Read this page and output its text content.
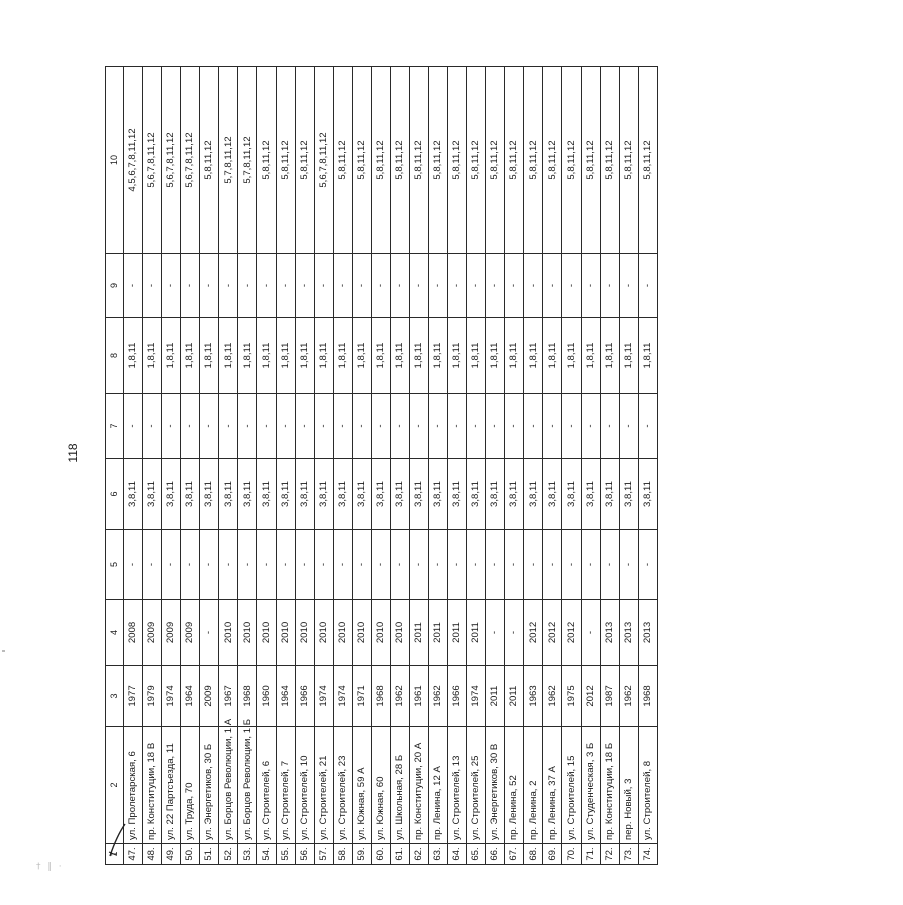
118
† ‖ ·
1	2	3	4	5	6	7	8	9	10
47.	ул. Пролетарская, 6	1977	2008	-	3,8,11	-	1,8,11	-	4,5,6,7,8,11,12
48.	пр. Конституции, 18 В	1979	2009	-	3,8,11	-	1,8,11	-	5,6,7,8,11,12
49.	ул. 22 Партсъезда, 11	1974	2009	-	3,8,11	-	1,8,11	-	5,6,7,8,11,12
50.	ул. Труда, 70	1964	2009	-	3,8,11	-	1,8,11	-	5,6,7,8,11,12
51.	ул. Энергетиков, 30 Б	2009	-	-	3,8,11	-	1,8,11	-	5,8,11,12
52.	ул. Борцов Революции, 1 А	1967	2010	-	3,8,11	-	1,8,11	-	5,7,8,11,12
53.	ул. Борцов Революции, 1 Б	1968	2010	-	3,8,11	-	1,8,11	-	5,7,8,11,12
54.	ул. Строителей, 6	1960	2010	-	3,8,11	-	1,8,11	-	5,8,11,12
55.	ул. Строителей, 7	1964	2010	-	3,8,11	-	1,8,11	-	5,8,11,12
56.	ул. Строителей, 10	1966	2010	-	3,8,11	-	1,8,11	-	5,8,11,12
57.	ул. Строителей, 21	1974	2010	-	3,8,11	-	1,8,11	-	5,6,7,8,11,12
58.	ул. Строителей, 23	1974	2010	-	3,8,11	-	1,8,11	-	5,8,11,12
59.	ул. Южная, 59 А	1971	2010	-	3,8,11	-	1,8,11	-	5,8,11,12
60.	ул. Южная, 60	1968	2010	-	3,8,11	-	1,8,11	-	5,8,11,12
61.	ул. Школьная, 28 Б	1962	2010	-	3,8,11	-	1,8,11	-	5,8,11,12
62.	пр. Конституции, 20 А	1961	2011	-	3,8,11	-	1,8,11	-	5,8,11,12
63.	пр. Ленина, 12 А	1962	2011	-	3,8,11	-	1,8,11	-	5,8,11,12
64.	ул. Строителей, 13	1966	2011	-	3,8,11	-	1,8,11	-	5,8,11,12
65.	ул. Строителей, 25	1974	2011	-	3,8,11	-	1,8,11	-	5,8,11,12
66.	ул. Энергетиков, 30 В	2011	-	-	3,8,11	-	1,8,11	-	5,8,11,12
67.	пр. Ленина, 52	2011	-	-	3,8,11	-	1,8,11	-	5,8,11,12
68.	пр. Ленина, 2	1963	2012	-	3,8,11	-	1,8,11	-	5,8,11,12
69.	пр. Ленина, 37 А	1962	2012	-	3,8,11	-	1,8,11	-	5,8,11,12
70.	ул. Строителей, 15	1975	2012	-	3,8,11	-	1,8,11	-	5,8,11,12
71.	ул. Студенческая, 3 Б	2012	-	-	3,8,11	-	1,8,11	-	5,8,11,12
72.	пр. Конституции, 18 Б	1987	2013	-	3,8,11	-	1,8,11	-	5,8,11,12
73.	пер. Новый, 3	1962	2013	-	3,8,11	-	1,8,11	-	5,8,11,12
74.	ул. Строителей, 8	1968	2013	-	3,8,11	-	1,8,11	-	5,8,11,12
